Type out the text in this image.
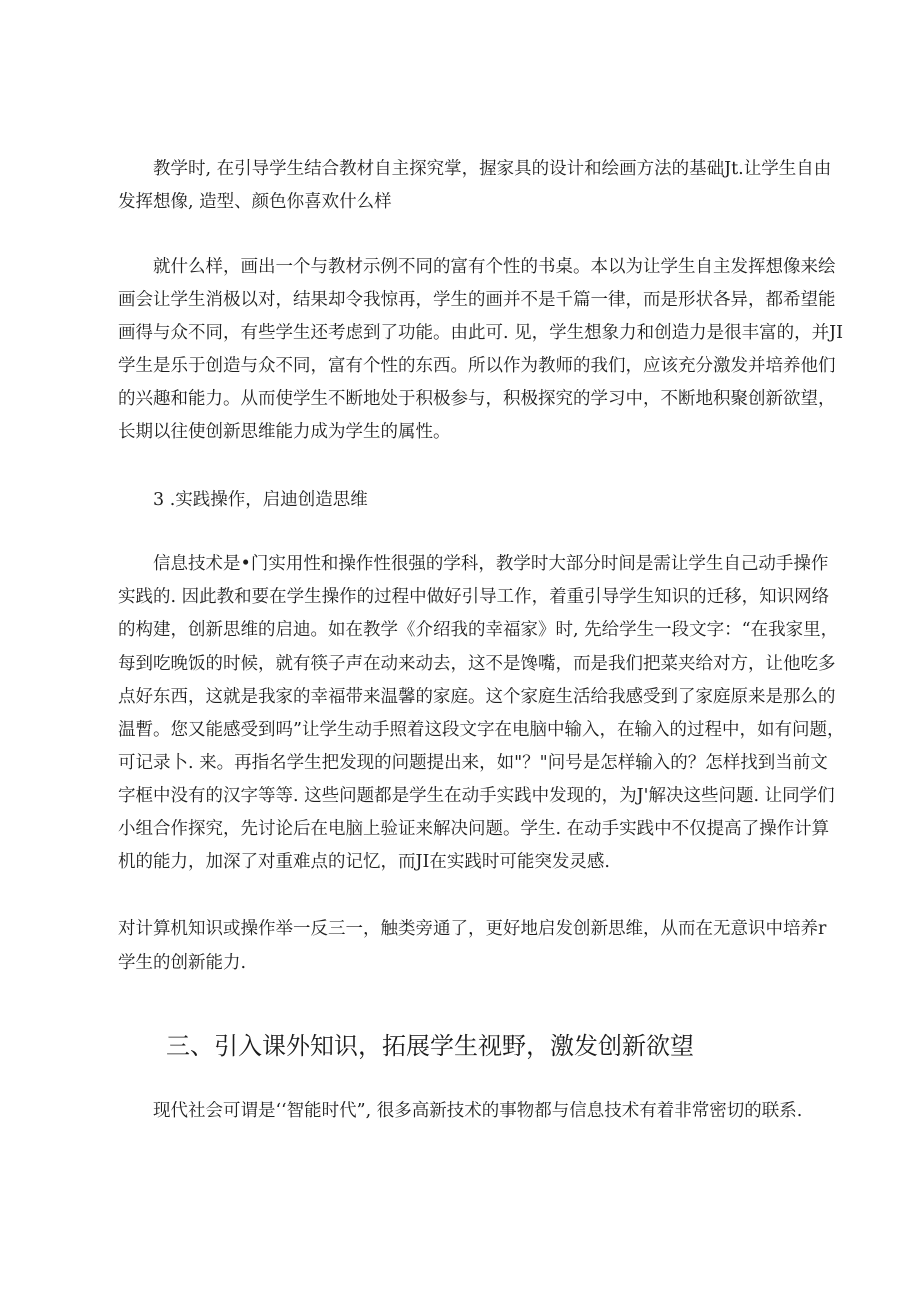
教学时, 在引导学生结合教材自主探究掌，握家具的设计和绘画方法的基础Jt.让学生自由
发挥想像, 造型、颜色你喜欢什么样
就什么样，画出一个与教材示例不同的富有个性的书桌。本以为让学生自主发挥想像来绘
画会让学生消极以对，结果却令我惊再，学生的画并不是千篇一律，而是形状各异，都希望能
画得与众不同，有些学生还考虑到了功能。由此可. 见，学生想象力和创造力是很丰富的，并JI
学生是乐于创造与众不同，富有个性的东西。所以作为教师的我们，应该充分激发并培养他们
的兴趣和能力。从而使学生不断地处于积极参与，积极探究的学习中，不断地积聚创新欲望，
长期以往使创新思维能力成为学生的属性。
3 .实践操作，启迪创造思维
信息技术是•门实用性和操作性很强的学科，教学时大部分时间是需让学生自己动手操作
实践的. 因此教和要在学生操作的过程中做好引导工作，着重引导学生知识的迁移，知识网络
的构建，创新思维的启迪。如在教学《介绍我的幸福家》时, 先给学生一段文字：“在我家里，
每到吃晚饭的时候，就有筷子声在动来动去，这不是馋嘴，而是我们把菜夹给对方，让他吃多
点好东西，这就是我家的幸福带来温馨的家庭。这个家庭生活给我感受到了家庭原来是那么的
温暫。您又能感受到吗”让学生动手照着这段文字在电脑中输入，在输入的过程中，如有问题，
可记录卜. 来。再指名学生把发现的问题提出来，如"？"问号是怎样输入的？怎样找到当前文
字框中没有的汉字等等. 这些问题都是学生在动手实践中发现的，为J'解决这些问题. 让同学们
小组合作探究，先讨论后在电脑上验证来解决问题。学生. 在动手实践中不仅提高了操作计算
机的能力，加深了对重难点的记忆，而JI在实践时可能突发灵感.
对计算机知识或操作举一反三一，触类旁通了，更好地启发创新思维，从而在无意识中培养r
学生的创新能力.
三、引入课外知识，拓展学生视野，激发创新欲望
现代社会可谓是‘‘智能时代”, 很多高新技术的事物都与信息技术有着非常密切的联系.
